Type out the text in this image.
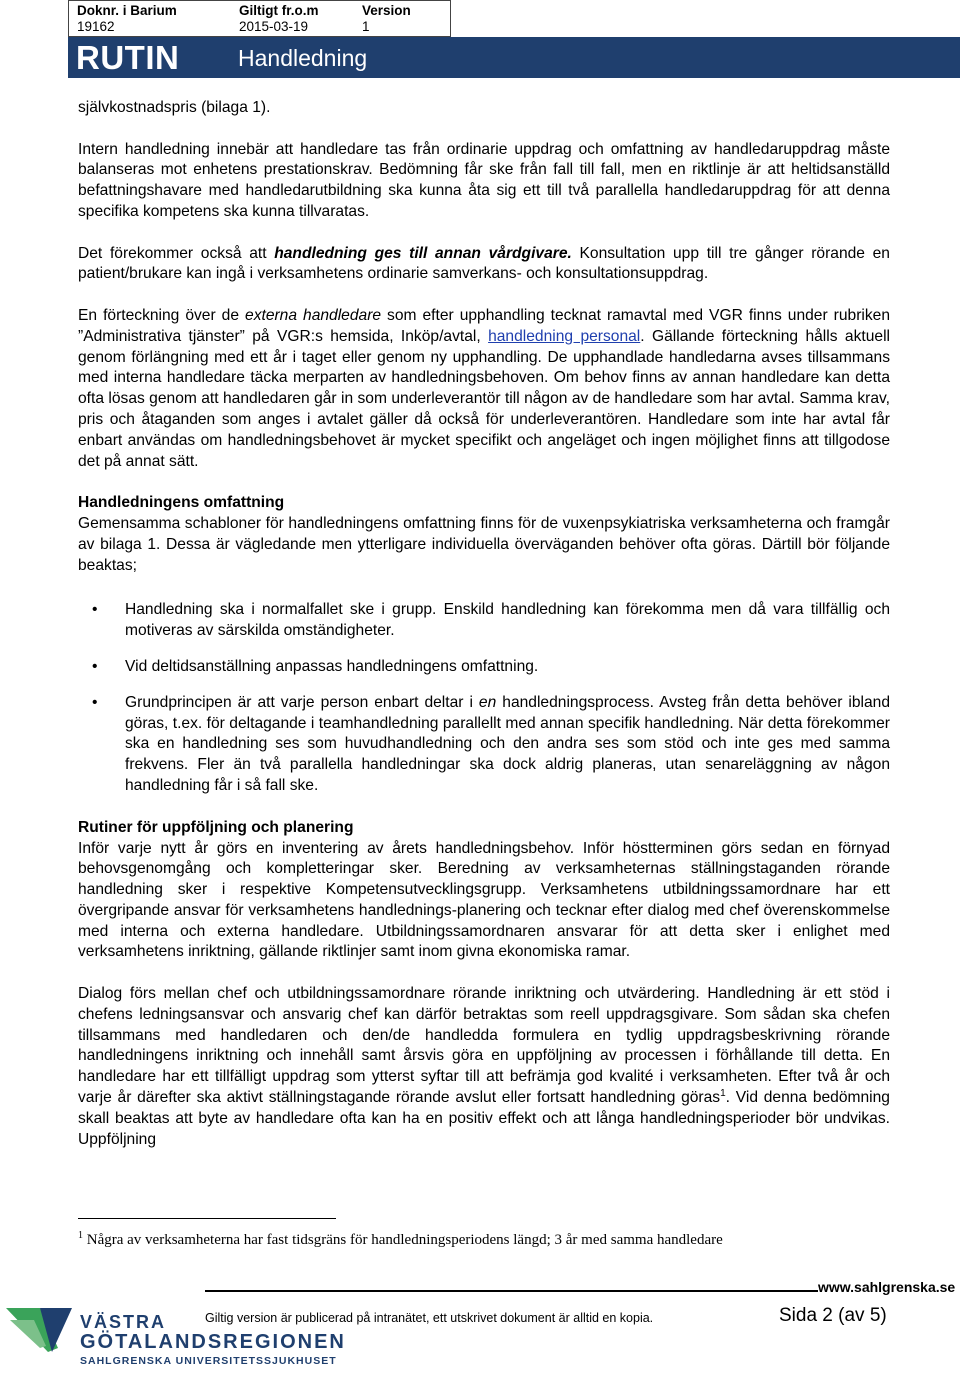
Doknr. i Barium
19162
Giltigt fr.o.m
2015-03-19
Version
1
RUTIN	Handledning

självkostnadspris (bilaga 1).

Intern handledning innebär att handledare tas från ordinarie uppdrag och omfattning av handledaruppdrag måste balanseras mot enhetens prestationskrav. Bedömning får ske från fall till fall, men en riktlinje är att heltidsanställd befattningshavare med handledarutbildning ska kunna åta sig ett till två parallella handledaruppdrag för att denna specifika kompetens ska kunna tillvaratas.

Det förekommer också att handledning ges till annan vårdgivare. Konsultation upp till tre gånger rörande en patient/brukare kan ingå i verksamhetens ordinarie samverkans- och konsultationsuppdrag.

En förteckning över de externa handledare som efter upphandling tecknat ramavtal med VGR finns under rubriken ”Administrativa tjänster” på VGR:s hemsida, Inköp/avtal, handledning personal. Gällande förteckning hålls aktuell genom förlängning med ett år i taget eller genom ny upphandling. De upphandlade handledarna avses tillsammans med interna handledare täcka merparten av handledningsbehoven. Om behov finns av annan handledare kan detta ofta lösas genom att handledaren går in som underleverantör till någon av de handledare som har avtal. Samma krav, pris och åtaganden som anges i avtalet gäller då också för underleverantören. Handledare som inte har avtal får enbart användas om handledningsbehovet är mycket specifikt och angeläget och ingen möjlighet finns att tillgodose det på annat sätt.

Handledningens omfattning

Gemensamma schabloner för handledningens omfattning finns för de vuxenpsykiatriska verksamheterna och framgår av bilaga 1. Dessa är vägledande men ytterligare individuella överväganden behöver ofta göras. Därtill bör följande beaktas;

• Handledning ska i normalfallet ske i grupp. Enskild handledning kan förekomma men då vara tillfällig och motiveras av särskilda omständigheter.
• Vid deltidsanställning anpassas handledningens omfattning.
• Grundprincipen är att varje person enbart deltar i en handledningsprocess. Avsteg från detta behöver ibland göras, t.ex. för deltagande i teamhandledning parallellt med annan specifik handledning. När detta förekommer ska en handledning ses som huvudhandledning och den andra ses som stöd och inte ges med samma frekvens. Fler än två parallella handledningar ska dock aldrig planeras, utan senareläggning av någon handledning får i så fall ske.

Rutiner för uppföljning och planering

Inför varje nytt år görs en inventering av årets handledningsbehov. Inför höstterminen görs sedan en förnyad behovsgenomgång och kompletteringar sker. Beredning av verksamheternas ställningstaganden rörande handledning sker i respektive Kompetensutvecklingsgrupp. Verksamhetens utbildningssamordnare har ett övergripande ansvar för verksamhetens handlednings-planering och tecknar efter dialog med chef överenskommelse med interna och externa handledare. Utbildningssamordnaren ansvarar för att detta sker i enlighet med verksamhetens inriktning, gällande riktlinjer samt inom givna ekonomiska ramar.

Dialog förs mellan chef och utbildningssamordnare rörande inriktning och utvärdering. Handledning är ett stöd i chefens ledningsansvar och ansvarig chef kan därför betraktas som reell uppdragsgivare. Som sådan ska chefen tillsammans med handledaren och den/de handledda formulera en tydlig uppdragsbeskrivning rörande handledningens inriktning och innehåll samt årsvis göra en uppföljning av processen i förhållande till detta. En handledare har ett tillfälligt uppdrag som ytterst syftar till att befrämja god kvalité i verksamheten. Efter två år och varje år därefter ska aktivt ställningstagande rörande avslut eller fortsatt handledning göras$^1$. Vid denna bedömning skall beaktas att byte av handledare ofta kan ha en positiv effekt och att långa handledningsperioder bör undvikas. Uppföljning

$^1$ Några av verksamheterna har fast tidsgräns för handledningsperiodens längd; 3 år med samma handledare
VÄSTRA
GÖTALANDSREGIONEN
SAHLGRENSKA UNIVERSITETSSJUKHUSET
www.sahlgrenska.se
Giltig version är publicerad på intranätet, ett utskrivet dokument är alltid en kopia.	Sida 2 (av 5)
